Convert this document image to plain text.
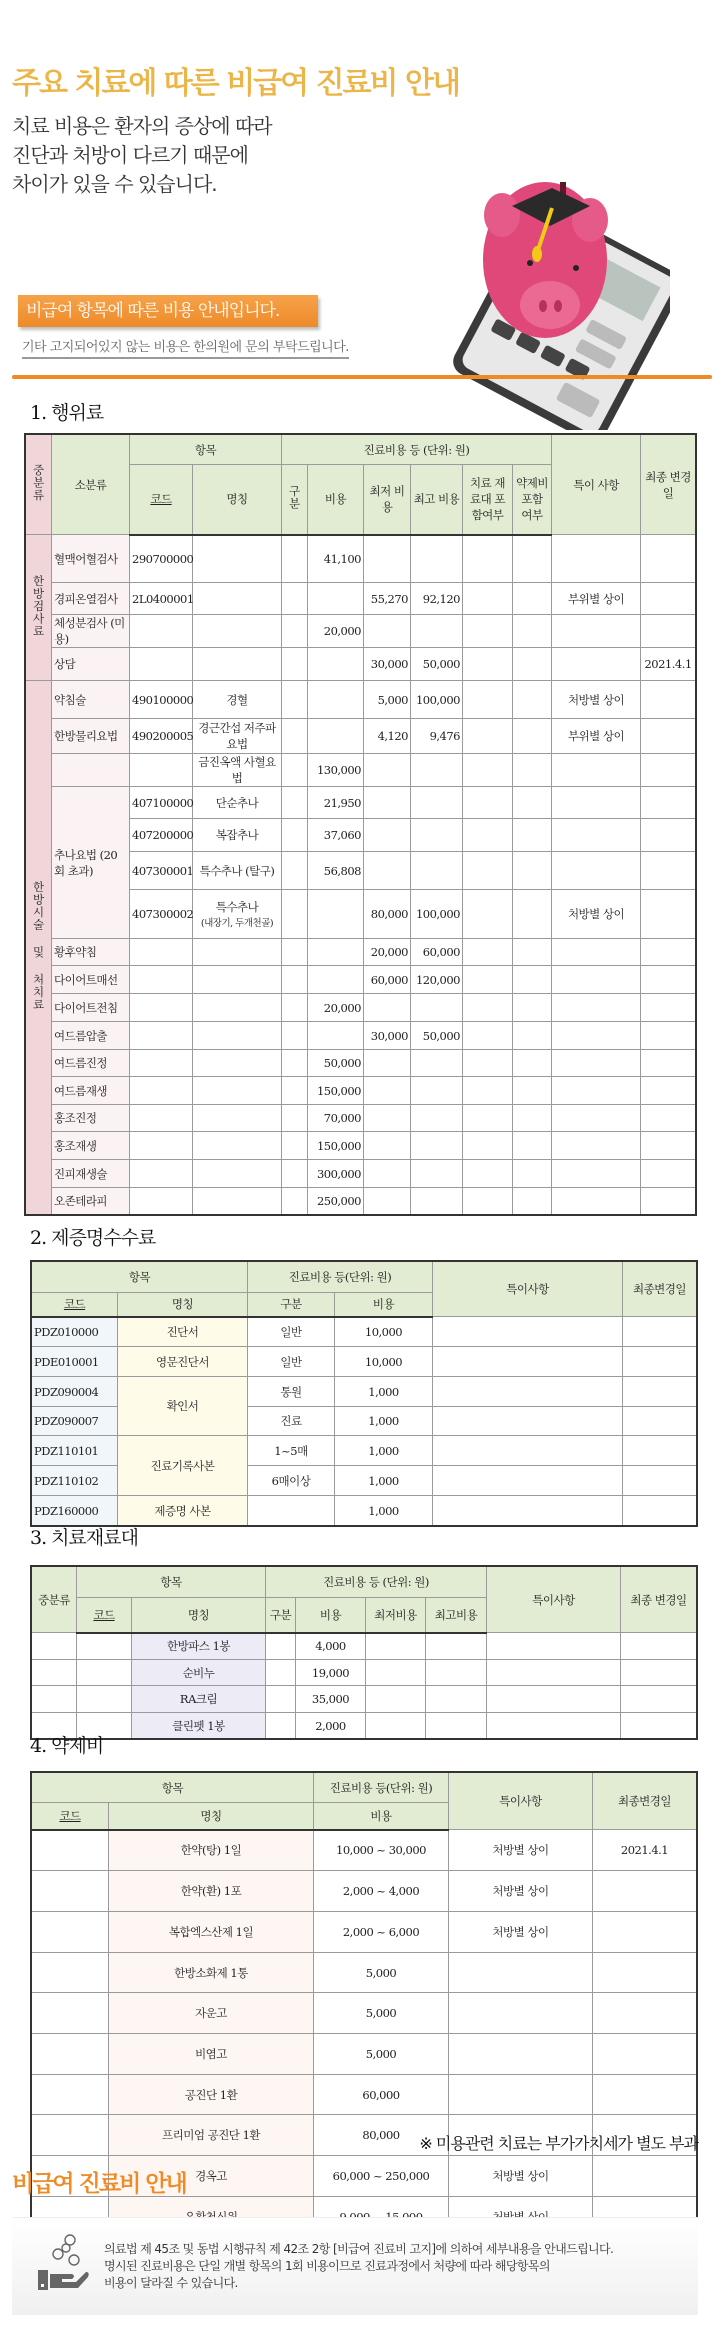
주요 치료에 따른 비급여 진료비 안내
치료 비용은 환자의 증상에 따라
진단과 처방이 다르기 때문에
차이가 있을 수 있습니다.
비급여 항목에 따른 비용 안내입니다.
기타 고지되어있지 않는 비용은 한의원에 문의 부탁드립니다.
1. 행위료
중분류	소분류	항목		진료비용 등 (단위: 원)						특이 사항	최종 변경일
		코드	명칭	구분	비용	최저 비용	최고 비용	치료 재료대 포함여부	약제비 포함 여부		
한방검사료	혈맥어혈검사	290700000			41,100						
	경피온열검사	2L0400001				55,270	92,120			부위별 상이	
	체성분검사 (미용)				20,000						
	상담					30,000	50,000				2021.4.1
한방시술 및 처치료	약침술	490100000	경혈			5,000	100,000			처방별 상이	
	한방물리요법	490200005	경근간섭 저주파요법			4,120	9,476			부위별 상이	
			금진옥액 사혈요법		130,000						
	추나요법 (20회 초과)	407100000	단순추나		21,950						
		407200000	복잡추나		37,060						
		407300001	특수추나 (탈구)		56,808						
		407300002	특수추나
(내장기, 두개천골)			80,000	100,000			처방별 상이	
	황후약침					20,000	60,000				
	다이어트매선					60,000	120,000				
	다이어트전침				20,000						
	여드름압출					30,000	50,000				
	여드름진정				50,000						
	여드름재생				150,000						
	홍조진정				70,000						
	홍조재생				150,000						
	진피재생술				300,000						
	오존테라피				250,000						
2. 제증명수수료
항목		진료비용 등(단위: 원)		특이사항	최종변경일
코드	명칭	구분	비용		
PDZ010000	진단서	일반	10,000		
PDE010001	영문진단서	일반	10,000		
PDZ090004	확인서	통원	1,000		
PDZ090007		진료	1,000		
PDZ110101	진료기록사본	1~5매	1,000		
PDZ110102		6매이상	1,000		
PDZ160000	제증명 사본		1,000		
3. 치료재료대
중분류	항목		진료비용 등 (단위: 원)				특이사항	최종 변경일
	코드	명칭	구분	비용	최저비용	최고비용		
		한방파스 1봉		4,000				
		순비누		19,000				
		RA크림		35,000				
		클린펫 1봉		2,000				
4. 약제비
항목		진료비용 등(단위: 원)	특이사항	최종변경일
코드	명칭	비용		
	한약(탕) 1일	10,000 ~ 30,000	처방별 상이	2021.4.1
	한약(환) 1포	2,000 ~ 4,000	처방별 상이	
	복합엑스산제 1일	2,000 ~ 6,000	처방별 상이	
	한방소화제 1통	5,000		
	자운고	5,000		
	비염고	5,000		
	공진단 1환	60,000		
	프리미엄 공진단 1환	80,000		
	경옥고	60,000 ~ 250,000	처방별 상이	

※ 미용관련 치료는 부가가치세가 별도 부과
비급여 진료비 안내
의료법 제 45조 및 동법 시행규칙 제 42조 2항 [비급여 진료비 고지]에 의하여 세부내용을 안내드립니다.
명시된 진료비용은 단일 개별 항목의 1회 비용이므로 진료과정에서 처량에 따라 해당항목의
비용이 달라질 수 있습니다.
